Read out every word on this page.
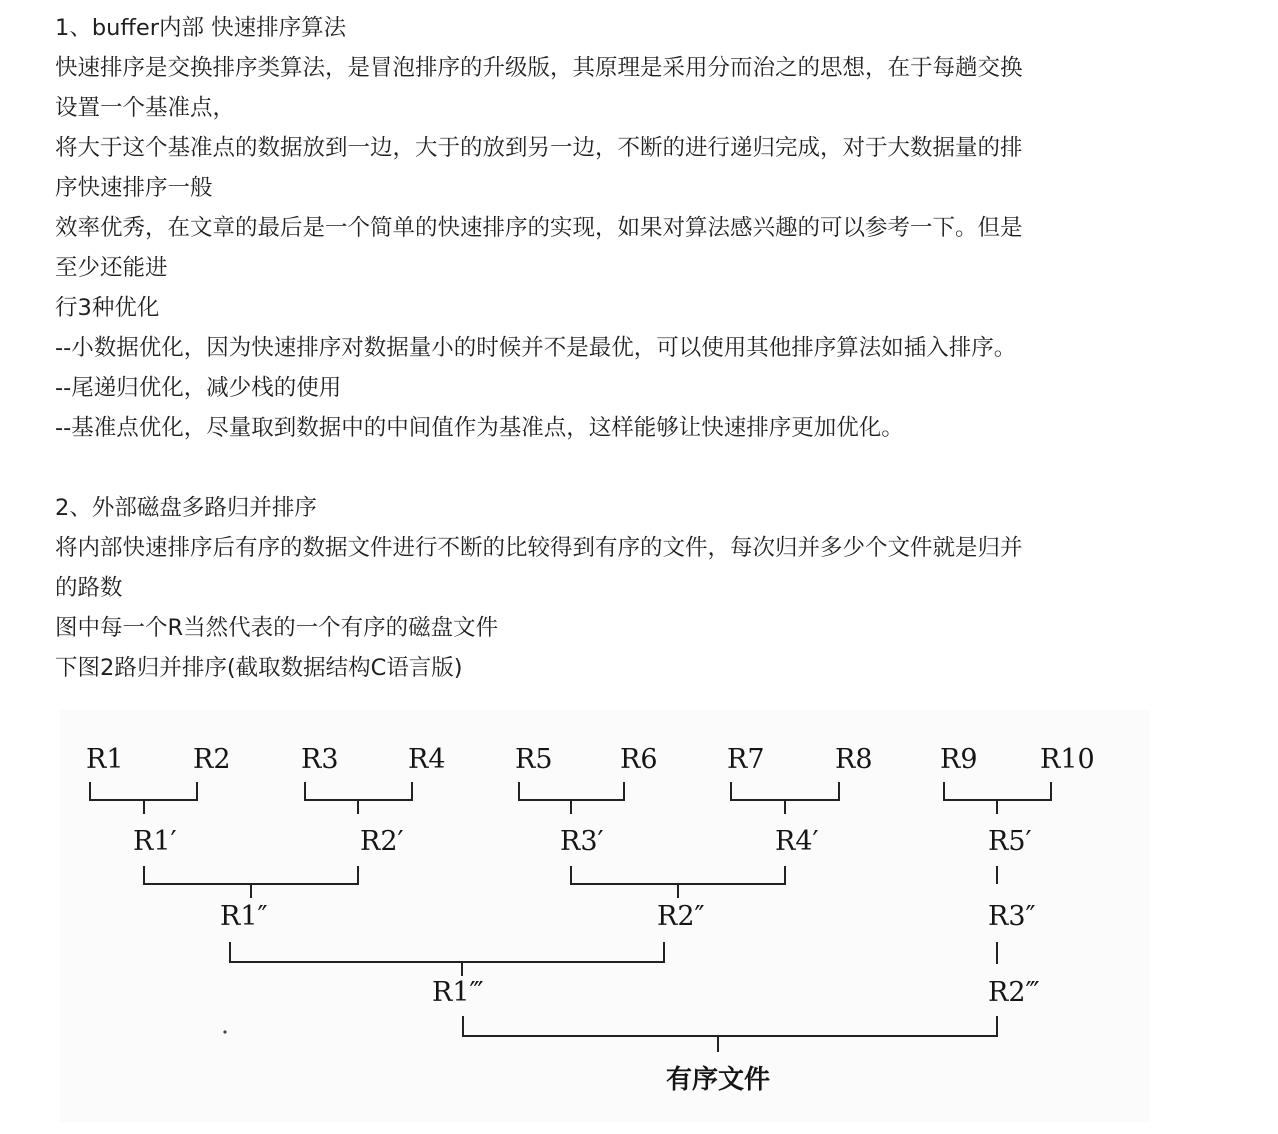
1、buffer内部 快速排序算法
快速排序是交换排序类算法，是冒泡排序的升级版，其原理是采用分而治之的思想，在于每趟交换
设置一个基准点，
将大于这个基准点的数据放到一边，大于的放到另一边，不断的进行递归完成，对于大数据量的排
序快速排序一般
效率优秀，在文章的最后是一个简单的快速排序的实现，如果对算法感兴趣的可以参考一下。但是
至少还能进
行3种优化
--小数据优化，因为快速排序对数据量小的时候并不是最优，可以使用其他排序算法如插入排序。
--尾递归优化，减少栈的使用
--基准点优化，尽量取到数据中的中间值作为基准点，这样能够让快速排序更加优化。
2、外部磁盘多路归并排序
将内部快速排序后有序的数据文件进行不断的比较得到有序的文件，每次归并多少个文件就是归并
的路数
图中每一个R当然代表的一个有序的磁盘文件
下图2路归并排序(截取数据结构C语言版)
R1	R2	R3	R4	R5 R6	R7	R8 R9 R10
R1′	R2′	R3′	R4′	R5′
R1″	R2″	R3″
R1‴	R2‴
有序文件
